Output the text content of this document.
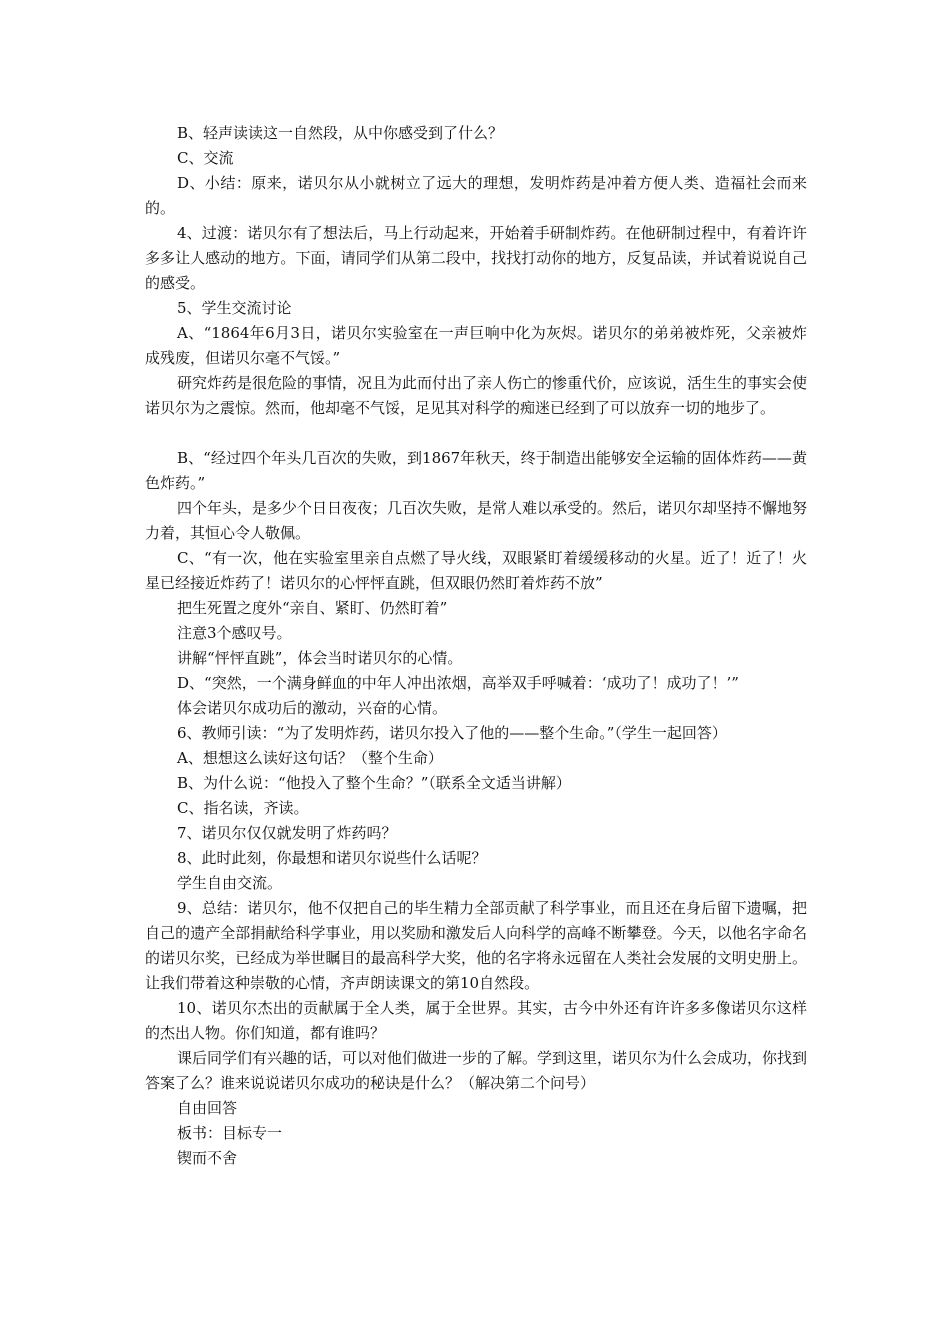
B、轻声读读这一自然段，从中你感受到了什么？

C、交流

D、小结：原来，诺贝尔从小就树立了远大的理想，发明炸药是冲着方便人类、造福社会而来的。

4、过渡：诺贝尔有了想法后，马上行动起来，开始着手研制炸药。在他研制过程中，有着许许多多让人感动的地方。下面，请同学们从第二段中，找找打动你的地方，反复品读，并试着说说自己的感受。

5、学生交流讨论

A、“1864年6月3日，诺贝尔实验室在一声巨响中化为灰烬。诺贝尔的弟弟被炸死，父亲被炸成残废，但诺贝尔毫不气馁。”

研究炸药是很危险的事情，况且为此而付出了亲人伤亡的惨重代价，应该说，活生生的事实会使诺贝尔为之震惊。然而，他却毫不气馁，足见其对科学的痴迷已经到了可以放弃一切的地步了。

B、“经过四个年头几百次的失败，到1867年秋天，终于制造出能够安全运输的固体炸药——黄色炸药。”

四个年头，是多少个日日夜夜；几百次失败，是常人难以承受的。然后，诺贝尔却坚持不懈地努力着，其恒心令人敬佩。

C、“有一次，他在实验室里亲自点燃了导火线，双眼紧盯着缓缓移动的火星。近了！近了！火星已经接近炸药了！诺贝尔的心怦怦直跳，但双眼仍然盯着炸药不放”

把生死置之度外“亲自、紧盯、仍然盯着”

注意3个感叹号。

讲解“怦怦直跳”，体会当时诺贝尔的心情。

D、“突然，一个满身鲜血的中年人冲出浓烟，高举双手呼喊着：‘成功了！成功了！’”

体会诺贝尔成功后的激动，兴奋的心情。

6、教师引读：“为了发明炸药，诺贝尔投入了他的——整个生命。”（学生一起回答）

A、想想这么读好这句话？（整个生命）

B、为什么说：“他投入了整个生命？”（联系全文适当讲解）

C、指名读，齐读。

7、诺贝尔仅仅就发明了炸药吗？

8、此时此刻，你最想和诺贝尔说些什么话呢？

学生自由交流。

9、总结：诺贝尔，他不仅把自己的毕生精力全部贡献了科学事业，而且还在身后留下遗嘱，把自己的遗产全部捐献给科学事业，用以奖励和激发后人向科学的高峰不断攀登。今天，以他名字命名的诺贝尔奖，已经成为举世瞩目的最高科学大奖，他的名字将永远留在人类社会发展的文明史册上。让我们带着这种崇敬的心情，齐声朗读课文的第10自然段。

10、诺贝尔杰出的贡献属于全人类，属于全世界。其实，古今中外还有许许多多像诺贝尔这样的杰出人物。你们知道，都有谁吗？

课后同学们有兴趣的话，可以对他们做进一步的了解。学到这里，诺贝尔为什么会成功，你找到答案了么？谁来说说诺贝尔成功的秘诀是什么？（解决第二个问号）

自由回答

板书：目标专一

锲而不舍
